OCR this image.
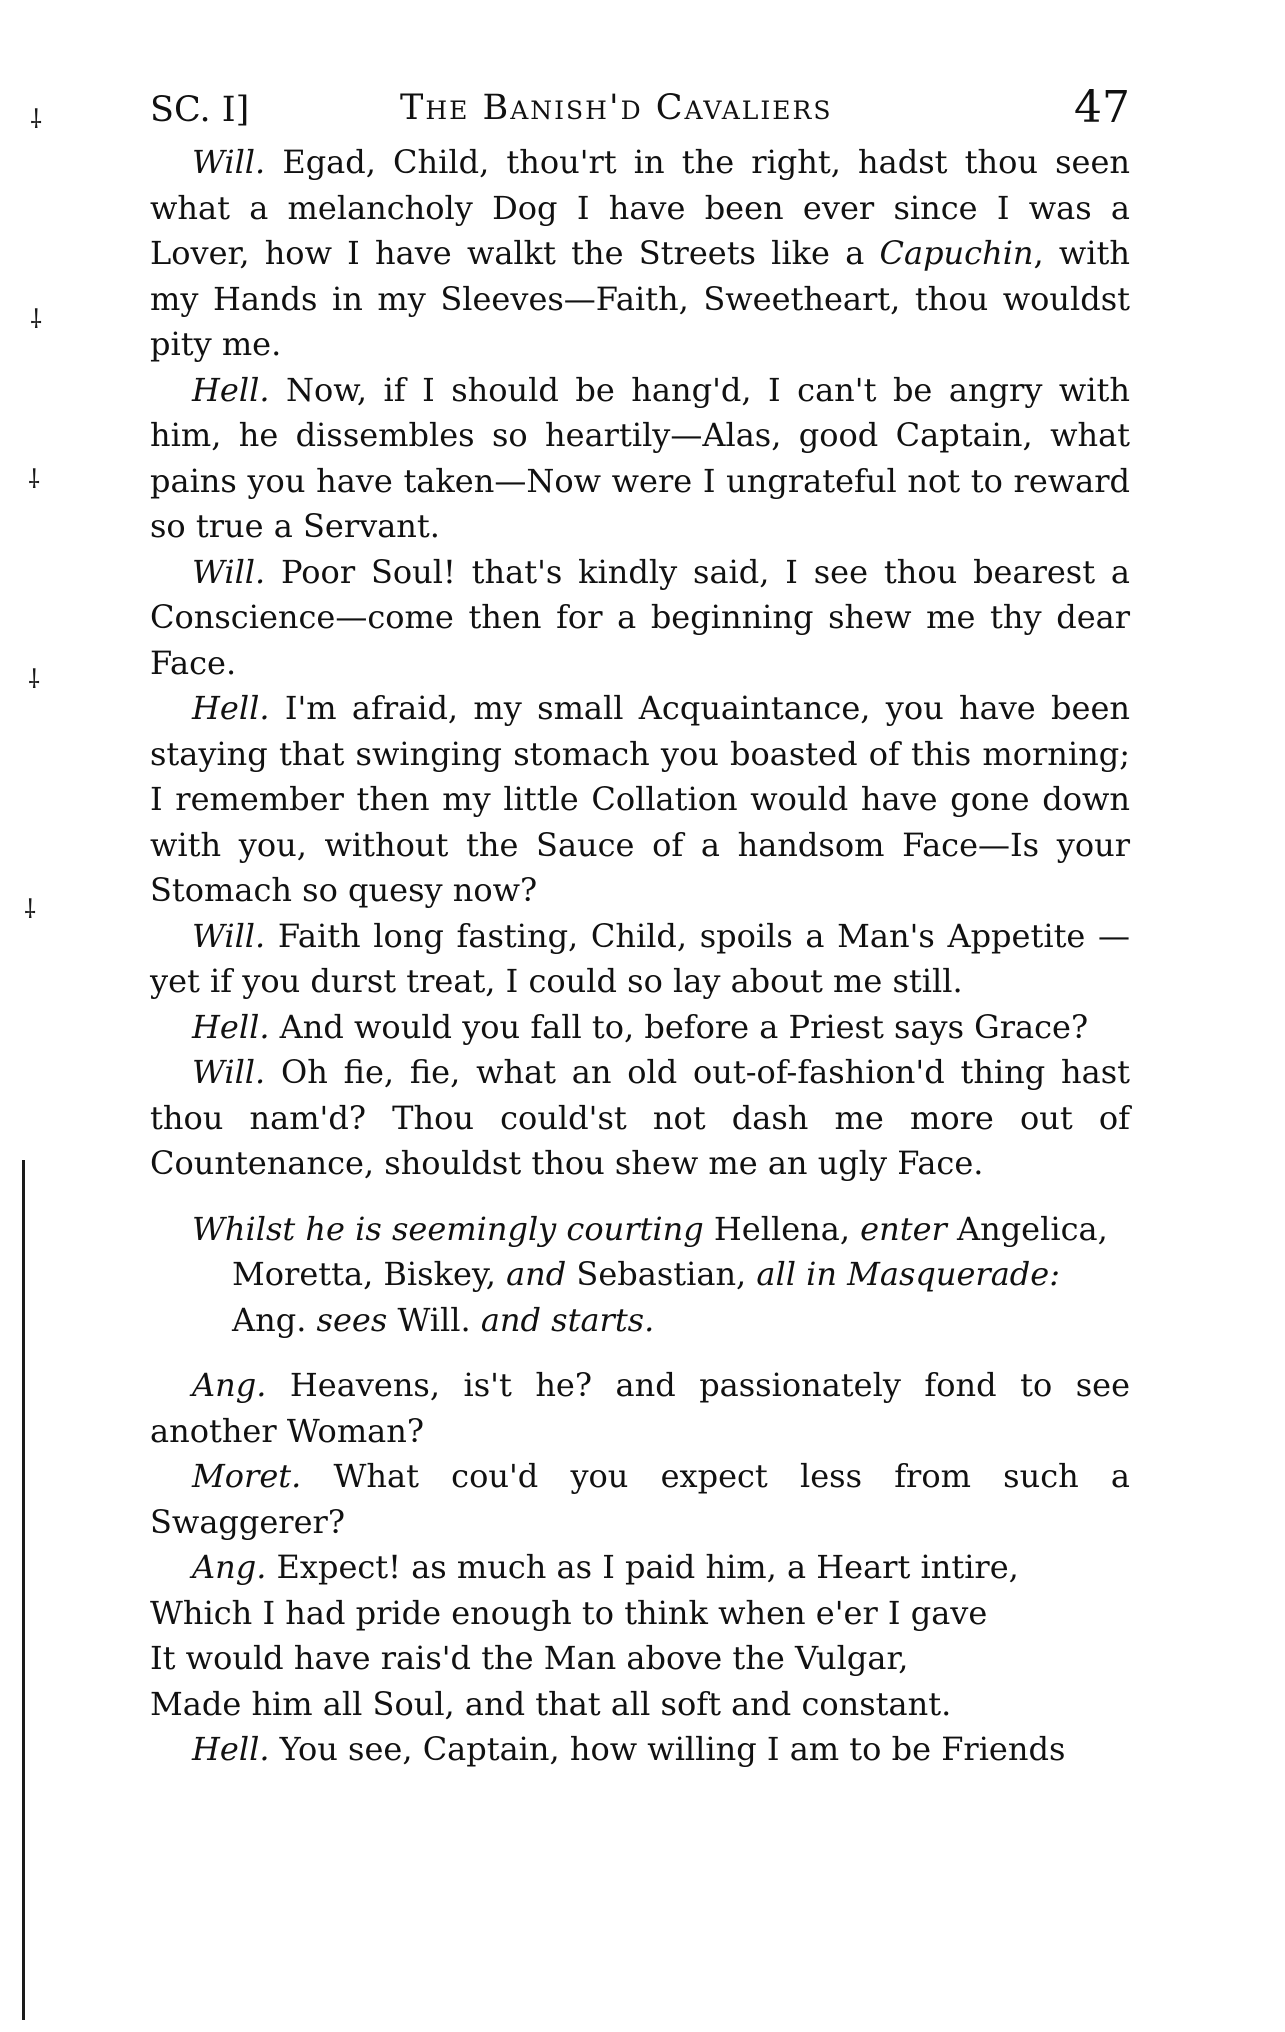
⸸
⸸
⸸
⸸
⸸
SC. I]	The Banish'd Cavaliers	47

Will. Egad, Child, thou'rt in the right, hadst thou seen what a melancholy Dog I have been ever since I was a Lover, how I have walkt the Streets like a Capuchin, with my Hands in my Sleeves—Faith, Sweetheart, thou wouldst pity me.

Hell. Now, if I should be hang'd, I can't be angry with him, he dissembles so heartily—Alas, good Captain, what pains you have taken—Now were I ungrateful not to reward so true a Servant.

Will. Poor Soul! that's kindly said, I see thou bearest a Conscience—come then for a beginning shew me thy dear Face.

Hell. I'm afraid, my small Acquaintance, you have been staying that swinging stomach you boasted of this morning; I remember then my little Collation would have gone down with you, without the Sauce of a handsom Face—Is your Stomach so quesy now?

Will. Faith long fasting, Child, spoils a Man's Appetite —yet if you durst treat, I could so lay about me still.

Hell. And would you fall to, before a Priest says Grace?

Will. Oh fie, fie, what an old out-of-fashion'd thing hast thou nam'd? Thou could'st not dash me more out of Countenance, shouldst thou shew me an ugly Face.

Whilst he is seemingly courting Hellena, enter Angelica, Moretta, Biskey, and Sebastian, all in Masquerade: Ang. sees Will. and starts.

Ang. Heavens, is't he? and passionately fond to see another Woman?

Moret. What cou'd you expect less from such a Swaggerer?

Ang. Expect! as much as I paid him, a Heart intire,

Which I had pride enough to think when e'er I gave

It would have rais'd the Man above the Vulgar,

Made him all Soul, and that all soft and constant.

Hell. You see, Captain, how willing I am to be Friends
